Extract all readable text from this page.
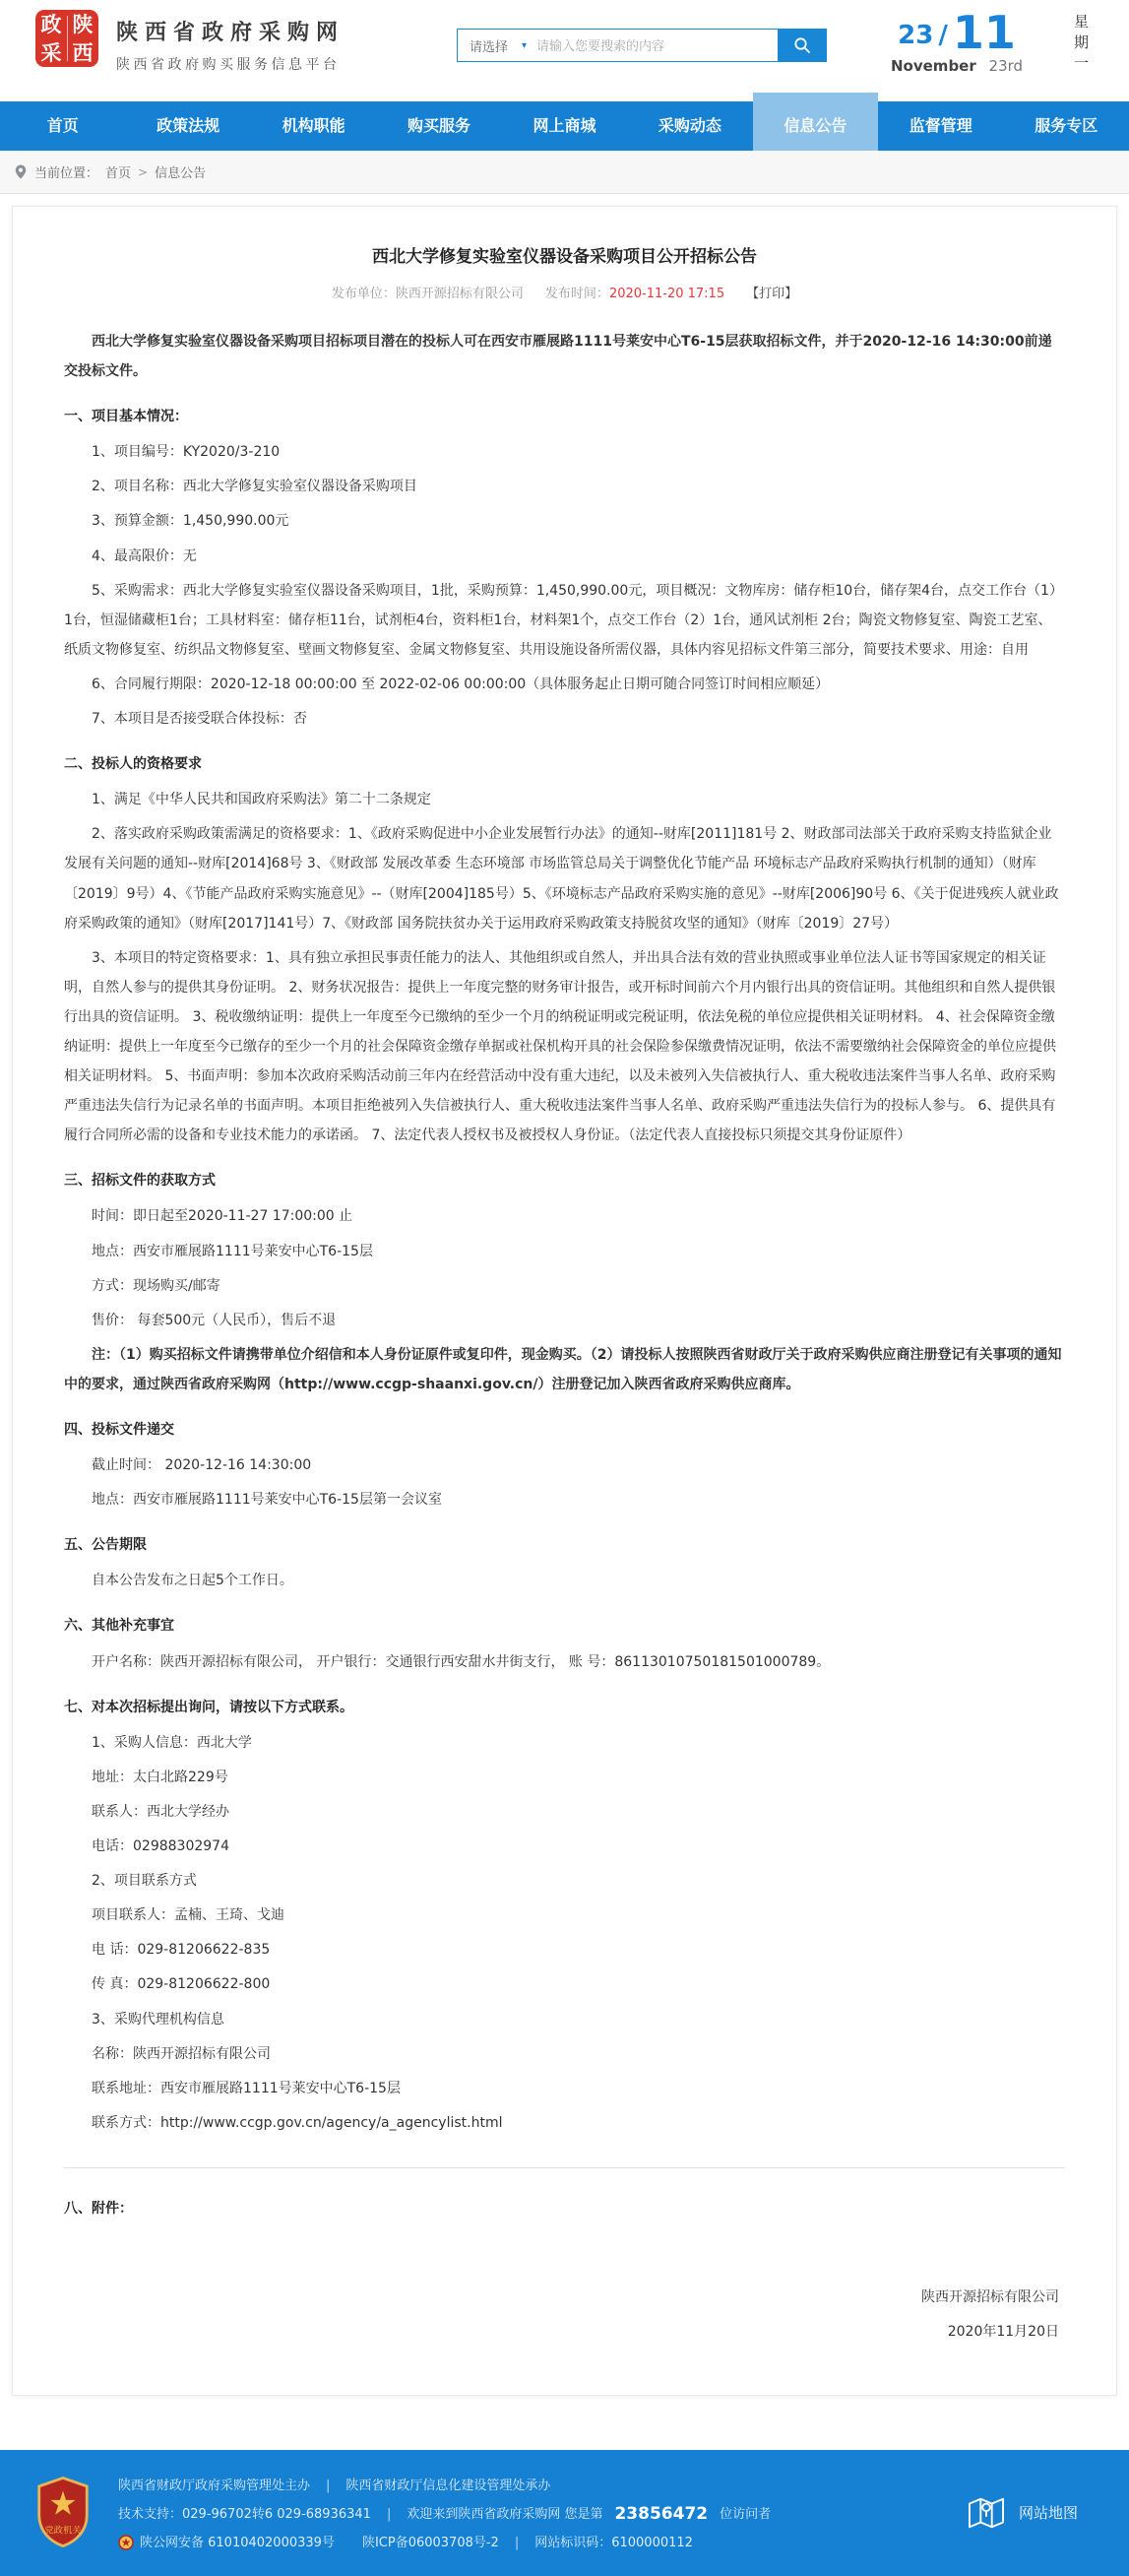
政 陕
采 西
陕西省政府采购网
陕西省政府购买服务信息平台
请选择 ▾
请输入您要搜索的内容	23 / 11
November 23rd	星期一
首页	政策法规	机构职能	购买服务	网上商城	采购动态	信息公告	监督管理	服务专区
当前位置： 首页 > 信息公告
西北大学修复实验室仪器设备采购项目公开招标公告
发布单位：陕西开源招标有限公司 发布时间：2020-11-20 17:15 【打印】

西北大学修复实验室仪器设备采购项目招标项目潜在的投标人可在西安市雁展路1111号莱安中心T6-15层获取招标文件，并于2020-12-16 14:30:00前递交投标文件。

一、项目基本情况：

1、项目编号：KY2020/3-210

2、项目名称：西北大学修复实验室仪器设备采购项目

3、预算金额：1,450,990.00元

4、最高限价：无

5、采购需求：西北大学修复实验室仪器设备采购项目，1批，采购预算：1,450,990.00元，项目概况：文物库房：储存柜10台，储存架4台，点交工作台（1）1台，恒湿储藏柜1台；工具材料室：储存柜11台，试剂柜4台，资料柜1台，材料架1个，点交工作台（2）1台，通风试剂柜 2台；陶瓷文物修复室、陶瓷工艺室、纸质文物修复室、纺织品文物修复室、壁画文物修复室、金属文物修复室、共用设施设备所需仪器，具体内容见招标文件第三部分，简要技术要求、用途：自用

6、合同履行期限：2020-12-18 00:00:00 至 2022-02-06 00:00:00（具体服务起止日期可随合同签订时间相应顺延）

7、本项目是否接受联合体投标：否

二、投标人的资格要求

1、满足《中华人民共和国政府采购法》第二十二条规定

2、落实政府采购政策需满足的资格要求：1、《政府采购促进中小企业发展暂行办法》的通知--财库[2011]181号 2、财政部司法部关于政府采购支持监狱企业发展有关问题的通知--财库[2014]68号 3、《财政部 发展改革委 生态环境部 市场监管总局关于调整优化节能产品 环境标志产品政府采购执行机制的通知）（财库〔2019〕9号）4、《节能产品政府采购实施意见》--（财库[2004]185号）5、《环境标志产品政府采购实施的意见》--财库[2006]90号 6、《关于促进残疾人就业政府采购政策的通知》（财库[2017]141号）7、《财政部 国务院扶贫办关于运用政府采购政策支持脱贫攻坚的通知》（财库〔2019〕27号）

3、本项目的特定资格要求：1、具有独立承担民事责任能力的法人、其他组织或自然人，并出具合法有效的营业执照或事业单位法人证书等国家规定的相关证明，自然人参与的提供其身份证明。 2、财务状况报告：提供上一年度完整的财务审计报告，或开标时间前六个月内银行出具的资信证明。其他组织和自然人提供银行出具的资信证明。 3、税收缴纳证明：提供上一年度至今已缴纳的至少一个月的纳税证明或完税证明，依法免税的单位应提供相关证明材料。 4、社会保障资金缴纳证明：提供上一年度至今已缴存的至少一个月的社会保障资金缴存单据或社保机构开具的社会保险参保缴费情况证明，依法不需要缴纳社会保障资金的单位应提供相关证明材料。 5、书面声明：参加本次政府采购活动前三年内在经营活动中没有重大违纪，以及未被列入失信被执行人、重大税收违法案件当事人名单、政府采购严重违法失信行为记录名单的书面声明。本项目拒绝被列入失信被执行人、重大税收违法案件当事人名单、政府采购严重违法失信行为的投标人参与。 6、提供具有履行合同所必需的设备和专业技术能力的承诺函。 7、法定代表人授权书及被授权人身份证。（法定代表人直接投标只须提交其身份证原件）

三、招标文件的获取方式

时间：即日起至2020-11-27 17:00:00 止

地点：西安市雁展路1111号莱安中心T6-15层

方式：现场购买/邮寄

售价： 每套500元（人民币），售后不退

注：（1）购买招标文件请携带单位介绍信和本人身份证原件或复印件，现金购买。（2）请投标人按照陕西省财政厅关于政府采购供应商注册登记有关事项的通知中的要求，通过陕西省政府采购网（http://www.ccgp-shaanxi.gov.cn/）注册登记加入陕西省政府采购供应商库。

四、投标文件递交

截止时间： 2020-12-16 14:30:00

地点：西安市雁展路1111号莱安中心T6-15层第一会议室

五、公告期限

自本公告发布之日起5个工作日。

六、其他补充事宜

开户名称：陕西开源招标有限公司， 开户银行：交通银行西安甜水井街支行， 账 号：86113010750181501000789。

七、对本次招标提出询问，请按以下方式联系。

1、采购人信息：西北大学

地址：太白北路229号

联系人：西北大学经办

电话：02988302974

2、项目联系方式

项目联系人：孟楠、王琦、戈迪

电 话：029-81206622-835

传 真：029-81206622-800

3、采购代理机构信息

名称：陕西开源招标有限公司

联系地址：西安市雁展路1111号莱安中心T6-15层

联系方式：http://www.ccgp.gov.cn/agency/a_agencylist.html

八、附件：
陕西开源招标有限公司
2020年11月20日
党政机关
陕西省财政厅政府采购管理处主办 | 陕西省财政厅信息化建设管理处承办
技术支持：029-96702转6 029-68936341 | 欢迎来到陕西省政府采购网 您是第 23856472 位访问者
陕公网安备 61010402000339号 陕ICP备06003708号-2 | 网站标识码：6100000112
网站地图
